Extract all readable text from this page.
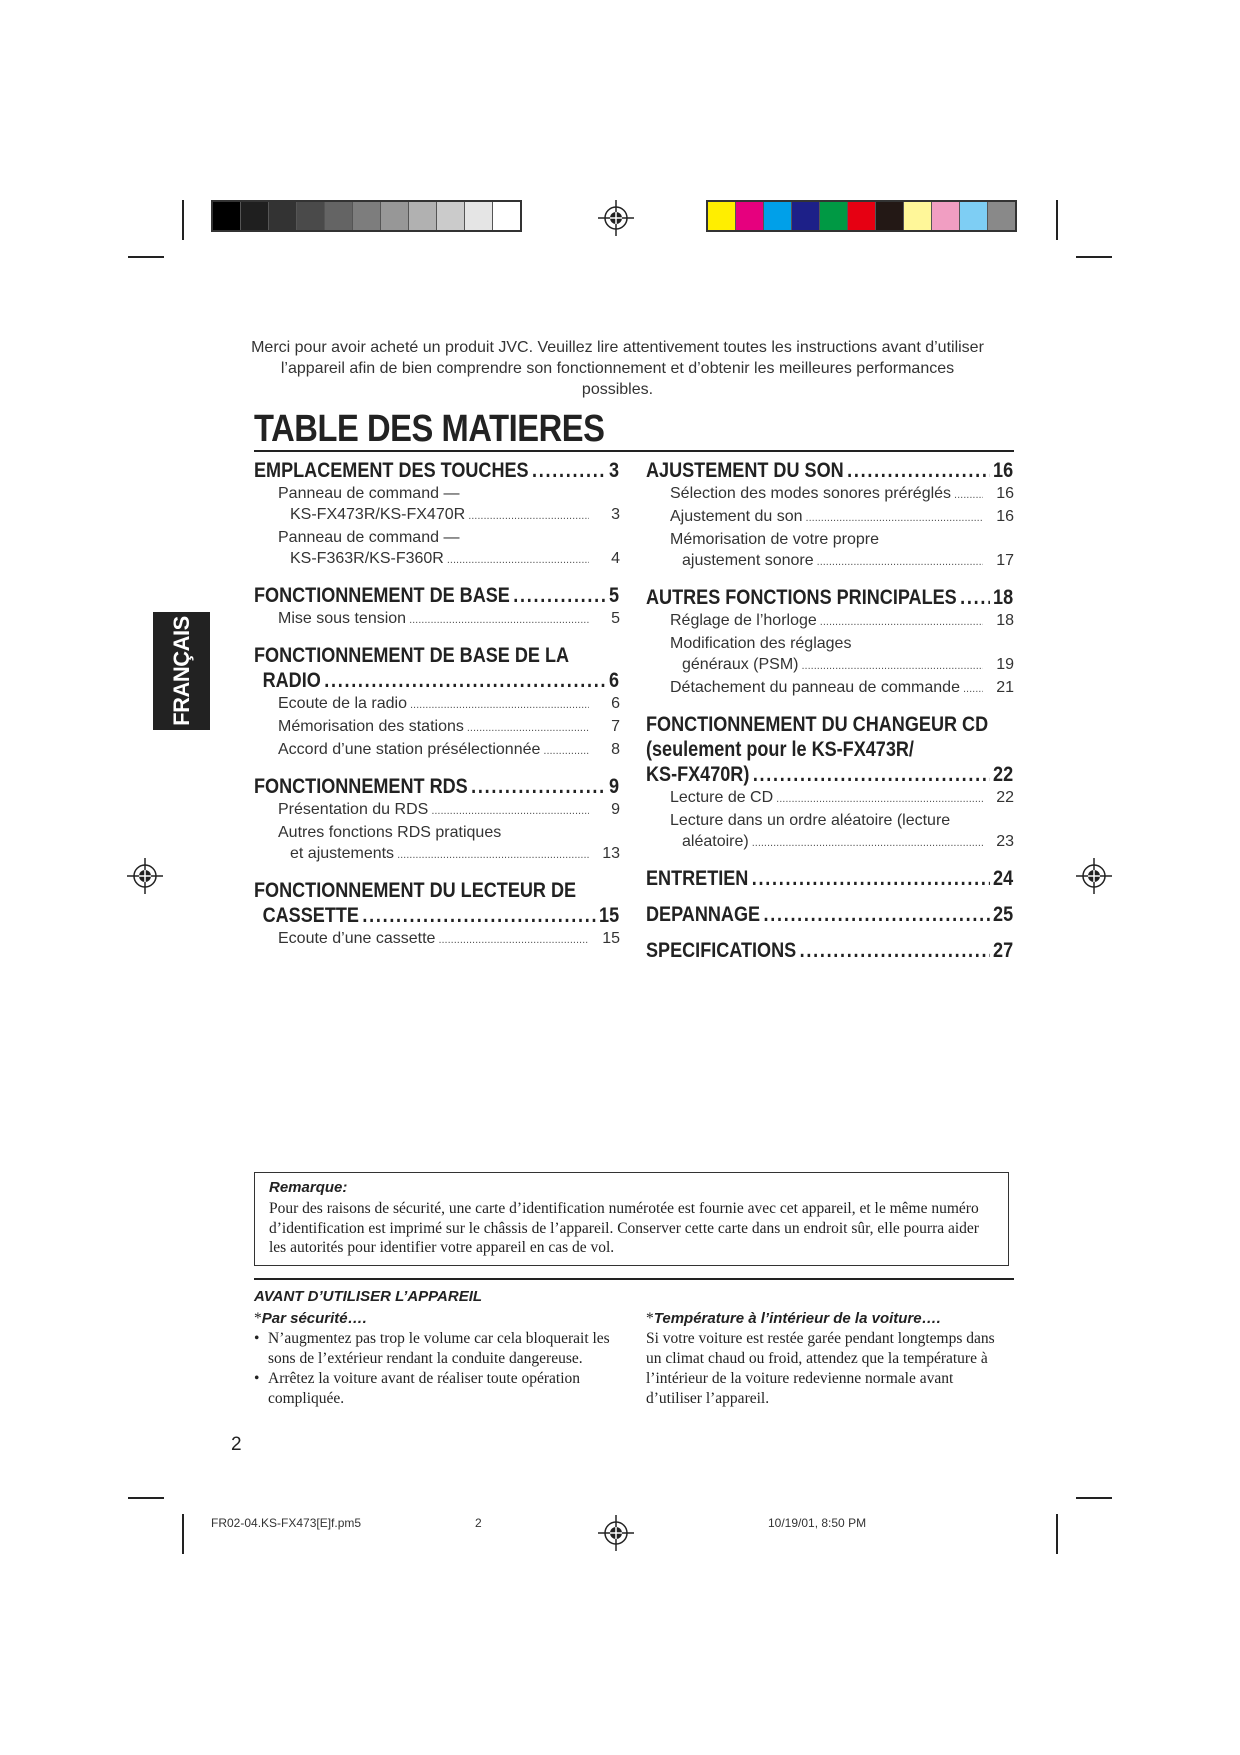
Merci pour avoir acheté un produit JVC. Veuillez lire attentivement toutes les instructions avant d’utiliser l’appareil afin de bien comprendre son fonctionnement et d’obtenir les meilleures performances possibles.
TABLE DES MATIERES
FRANÇAIS
EMPLACEMENT DES TOUCHES .....	3
Panneau de command —
KS-FX473R/KS-FX470R .....	3
Panneau de command —
KS-F363R/KS-F360R .....	4
FONCTIONNEMENT DE BASE .....	5
Mise sous tension .....	5
FONCTIONNEMENT DE BASE DE LA
RADIO .....	6
Ecoute de la radio .....	6
Mémorisation des stations .....	7
Accord d’une station présélectionnée .....	8
FONCTIONNEMENT RDS .....	9
Présentation du RDS .....	9
Autres fonctions RDS pratiques
et ajustements .....	13
FONCTIONNEMENT DU LECTEUR DE
CASSETTE .....	15
Ecoute d’une cassette .....	15
AJUSTEMENT DU SON .....	16
Sélection des modes sonores préréglés .....	16
Ajustement du son .....	16
Mémorisation de votre propre
ajustement sonore .....	17
AUTRES FONCTIONS PRINCIPALES ..... 18
Réglage de l’horloge .....	18
Modification des réglages
généraux (PSM) .....	19
Détachement du panneau de commande .....	21
FONCTIONNEMENT DU CHANGEUR CD
(seulement pour le KS-FX473R/
KS-FX470R) .....	22
Lecture de CD .....	22
Lecture dans un ordre aléatoire (lecture
aléatoire) .....	23
ENTRETIEN .....	24
DEPANNAGE .....	25
SPECIFICATIONS .....	27
Remarque:
Pour des raisons de sécurité, une carte d’identification numérotée est fournie avec cet appareil, et le même numéro d’identification est imprimé sur le châssis de l’appareil. Conserver cette carte dans un endroit sûr, elle pourra aider les autorités pour identifier votre appareil en cas de vol.
AVANT D’UTILISER L’APPAREIL
*Par sécurité….
• N’augmentez pas trop le volume car cela bloquerait les sons de l’extérieur rendant la conduite dangereuse.
• Arrêtez la voiture avant de réaliser toute opération compliquée.
*Température à l’intérieur de la voiture….
Si votre voiture est restée garée pendant longtemps dans un climat chaud ou froid, attendez que la température à l’intérieur de la voiture redevienne normale avant d’utiliser l’appareil.
2
FR02-04.KS-FX473[E]f.pm5	2	10/19/01, 8:50 PM
